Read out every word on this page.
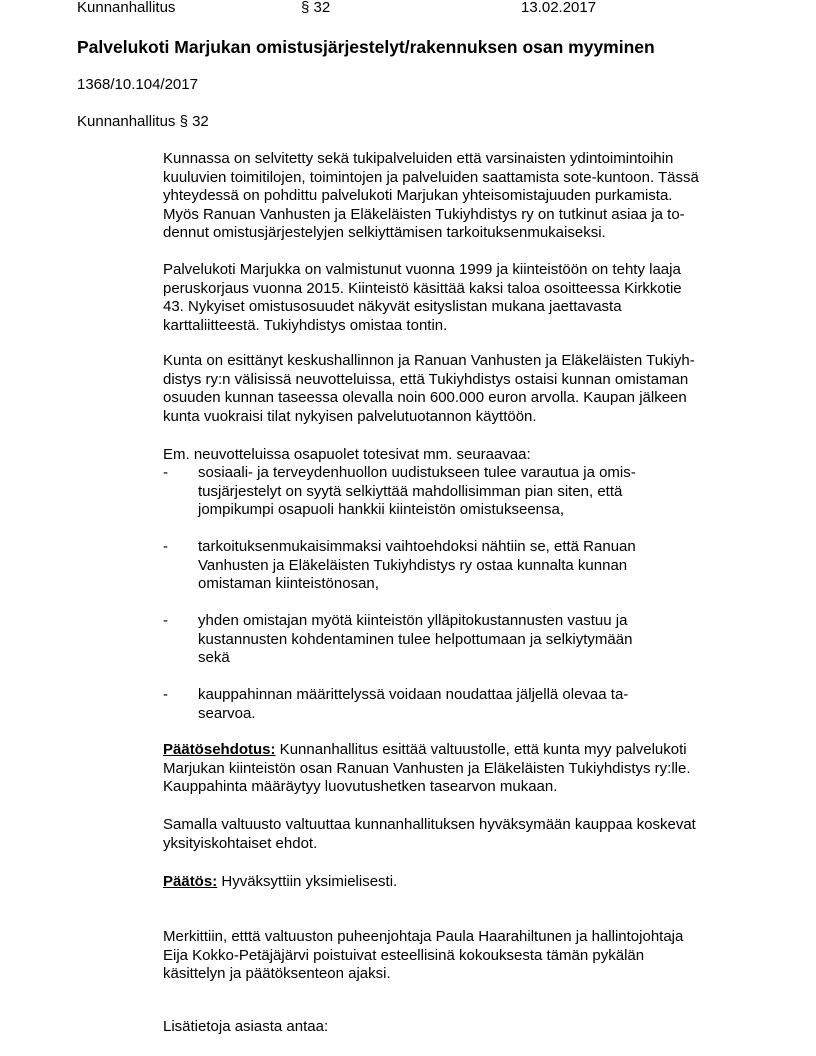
Kunnanhallitus	§ 32	13.02.2017
Palvelukoti Marjukan omistusjärjestelyt/rakennuksen osan myyminen
1368/10.104/2017
Kunnanhallitus § 32
Kunnassa on selvitetty sekä tukipalveluiden että varsinaisten ydintoimintoihin
kuuluvien toimitilojen, toimintojen ja palveluiden saattamista sote-kuntoon. Tässä
yhteydessä on pohdittu palvelukoti Marjukan yhteisomistajuuden purkamista.
Myös Ranuan Vanhusten ja Eläkeläisten Tukiyhdistys ry on tutkinut asiaa ja to-
dennut omistusjärjestelyjen selkiyttämisen tarkoituksenmukaiseksi.
Palvelukoti Marjukka on valmistunut vuonna 1999 ja kiinteistöön on tehty laaja
peruskorjaus vuonna 2015. Kiinteistö käsittää kaksi taloa osoitteessa Kirkkotie
43. Nykyiset omistusosuudet näkyvät esityslistan mukana jaettavasta
karttaliitteestä. Tukiyhdistys omistaa tontin.
Kunta on esittänyt keskushallinnon ja Ranuan Vanhusten ja Eläkeläisten Tukiyh-
distys ry:n välisissä neuvotteluissa, että Tukiyhdistys ostaisi kunnan omistaman
osuuden kunnan taseessa olevalla noin 600.000 euron arvolla. Kaupan jälkeen
kunta vuokraisi tilat nykyisen palvelutuotannon käyttöön.
Em. neuvotteluissa osapuolet totesivat mm. seuraavaa:
- sosiaali- ja terveydenhuollon uudistukseen tulee varautua ja omis-
tusjärjestelyt on syytä selkiyttää mahdollisimman pian siten, että
jompikumpi osapuoli hankkii kiinteistön omistukseensa,
- tarkoituksenmukaisimmaksi vaihtoehdoksi nähtiin se, että Ranuan
Vanhusten ja Eläkeläisten Tukiyhdistys ry ostaa kunnalta kunnan
omistaman kiinteistönosan,
- yhden omistajan myötä kiinteistön ylläpitokustannusten vastuu ja
kustannusten kohdentaminen tulee helpottumaan ja selkiytymään
sekä
- kauppahinnan määrittelyssä voidaan noudattaa jäljellä olevaa ta-
searvoa.
Päätösehdotus: Kunnanhallitus esittää valtuustolle, että kunta myy palvelukoti
Marjukan kiinteistön osan Ranuan Vanhusten ja Eläkeläisten Tukiyhdistys ry:lle.
Kauppahinta määräytyy luovutushetken tasearvon mukaan.
Samalla valtuusto valtuuttaa kunnanhallituksen hyväksymään kauppaa koskevat
yksityiskohtaiset ehdot.
Päätös: Hyväksyttiin yksimielisesti.
Merkittiin, etttä valtuuston puheenjohtaja Paula Haarahiltunen ja hallintojohtaja
Eija Kokko-Petäjäjärvi poistuivat esteellisinä kokouksesta tämän pykälän
käsittelyn ja päätöksenteon ajaksi.
Lisätietoja asiasta antaa:
